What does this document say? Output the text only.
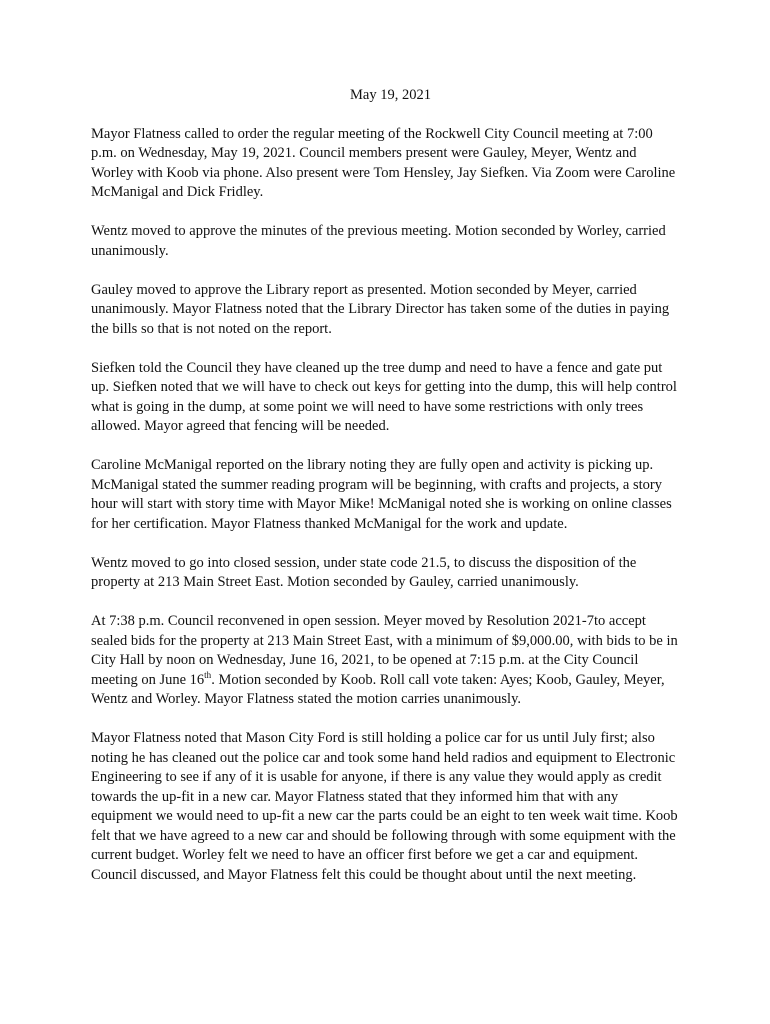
May 19, 2021

Mayor Flatness called to order the regular meeting of the Rockwell City Council meeting at 7:00 p.m. on Wednesday, May 19, 2021. Council members present were Gauley, Meyer, Wentz and Worley with Koob via phone. Also present were Tom Hensley, Jay Siefken. Via Zoom were Caroline McManigal and Dick Fridley.

Wentz moved to approve the minutes of the previous meeting. Motion seconded by Worley, carried unanimously.

Gauley moved to approve the Library report as presented. Motion seconded by Meyer, carried unanimously. Mayor Flatness noted that the Library Director has taken some of the duties in paying the bills so that is not noted on the report.

Siefken told the Council they have cleaned up the tree dump and need to have a fence and gate put up. Siefken noted that we will have to check out keys for getting into the dump, this will help control what is going in the dump, at some point we will need to have some restrictions with only trees allowed. Mayor agreed that fencing will be needed.

Caroline McManigal reported on the library noting they are fully open and activity is picking up. McManigal stated the summer reading program will be beginning, with crafts and projects, a story hour will start with story time with Mayor Mike! McManigal noted she is working on online classes for her certification. Mayor Flatness thanked McManigal for the work and update.

Wentz moved to go into closed session, under state code 21.5, to discuss the disposition of the property at 213 Main Street East. Motion seconded by Gauley, carried unanimously.

At 7:38 p.m. Council reconvened in open session. Meyer moved by Resolution 2021-7to accept sealed bids for the property at 213 Main Street East, with a minimum of $9,000.00, with bids to be in City Hall by noon on Wednesday, June 16, 2021, to be opened at 7:15 p.m. at the City Council meeting on June 16th. Motion seconded by Koob. Roll call vote taken: Ayes; Koob, Gauley, Meyer, Wentz and Worley. Mayor Flatness stated the motion carries unanimously.

Mayor Flatness noted that Mason City Ford is still holding a police car for us until July first; also noting he has cleaned out the police car and took some hand held radios and equipment to Electronic Engineering to see if any of it is usable for anyone, if there is any value they would apply as credit towards the up-fit in a new car. Mayor Flatness stated that they informed him that with any equipment we would need to up-fit a new car the parts could be an eight to ten week wait time. Koob felt that we have agreed to a new car and should be following through with some equipment with the current budget. Worley felt we need to have an officer first before we get a car and equipment. Council discussed, and Mayor Flatness felt this could be thought about until the next meeting.
